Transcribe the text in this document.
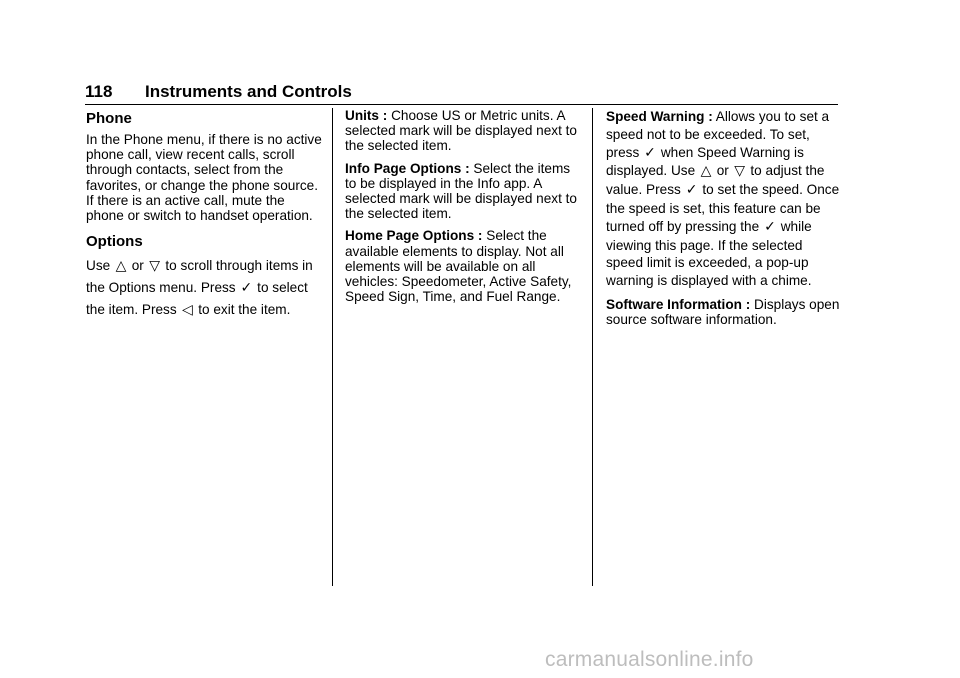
118 Instruments and Controls
Phone

In the Phone menu, if there is no active phone call, view recent calls, scroll through contacts, select from the favorites, or change the phone source. If there is an active call, mute the phone or switch to handset operation.

Options

Use △ or ▽ to scroll through items in the Options menu. Press ✓ to select the item. Press ◁ to exit the item.

Units : Choose US or Metric units. A selected mark will be displayed next to the selected item.

Info Page Options : Select the items to be displayed in the Info app. A selected mark will be displayed next to the selected item.

Home Page Options : Select the available elements to display. Not all elements will be available on all vehicles: Speedometer, Active Safety, Speed Sign, Time, and Fuel Range.

Speed Warning : Allows you to set a speed not to be exceeded. To set, press ✓ when Speed Warning is displayed. Use △ or ▽ to adjust the value. Press ✓ to set the speed. Once the speed is set, this feature can be turned off by pressing the ✓ while viewing this page. If the selected speed limit is exceeded, a pop-up warning is displayed with a chime.

Software Information : Displays open source software information.

carmanualsonline.info
